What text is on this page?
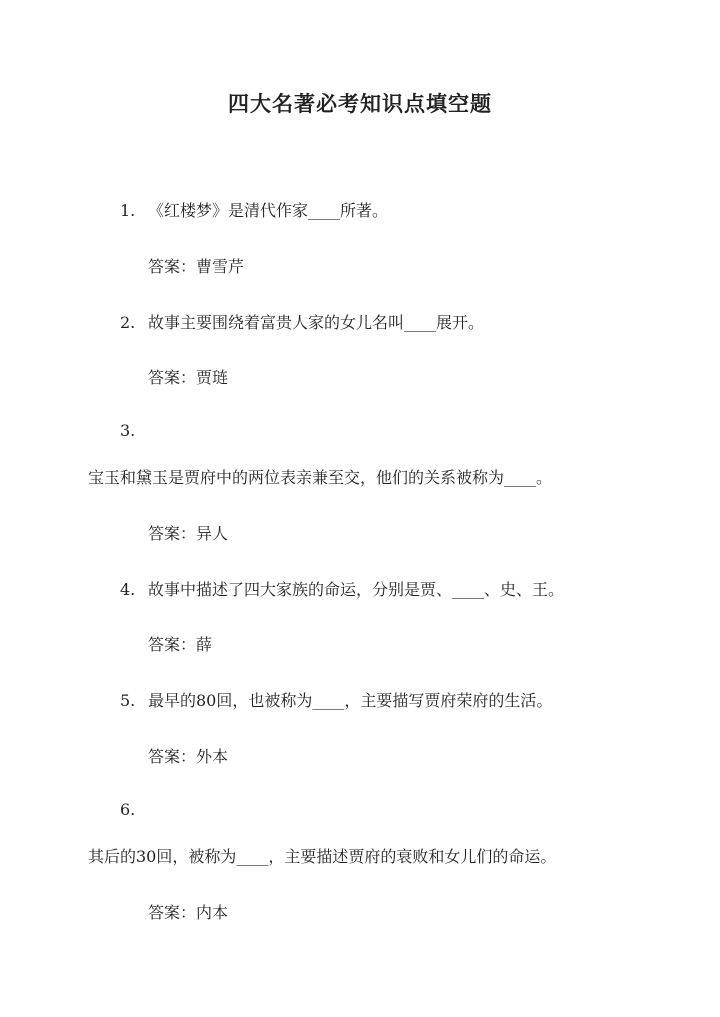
四大名著必考知识点填空题
1. 《红楼梦》是清代作家____所著。
答案：曹雪芹
2. 故事主要围绕着富贵人家的女儿名叫____展开。
答案：贾琏
3.
宝玉和黛玉是贾府中的两位表亲兼至交，他们的关系被称为____。
答案：异人
4. 故事中描述了四大家族的命运，分别是贾、____、史、王。
答案：薛
5. 最早的80回，也被称为____，主要描写贾府荣府的生活。
答案：外本
6.
其后的30回，被称为____，主要描述贾府的衰败和女儿们的命运。
答案：内本
